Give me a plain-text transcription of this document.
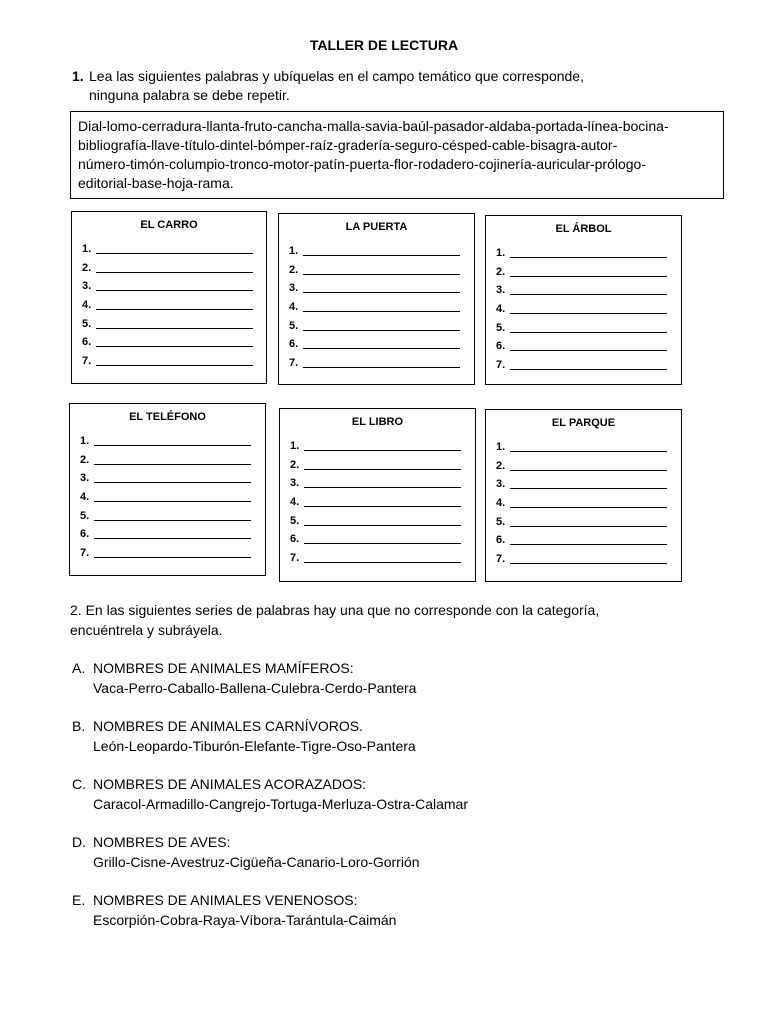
TALLER DE LECTURA
1. Lea las siguientes palabras y ubíquelas en el campo temático que corresponde,
ninguna palabra se debe repetir.
Dial-lomo-cerradura-llanta-fruto-cancha-malla-savia-baúl-pasador-aldaba-portada-línea-bocina-
bibliografía-llave-título-dintel-bómper-raíz-gradería-seguro-césped-cable-bisagra-autor-
número-timón-columpio-tronco-motor-patín-puerta-flor-rodadero-cojinería-auricular-prólogo-
editorial-base-hoja-rama.
EL CARRO
1.
2.
3.
4.
5.
6.
7.
LA PUERTA
1.
2.
3.
4.
5.
6.
7.
EL ÁRBOL
1.
2.
3.
4.
5.
6.
7.
EL TELÉFONO
1.
2.
3.
4.
5.
6.
7.
EL LIBRO
1.
2.
3.
4.
5.
6.
7.
EL PARQUE
1.
2.
3.
4.
5.
6.
7.
2. En las siguientes series de palabras hay una que no corresponde con la categoría,
encuéntrela y subráyela.
A. NOMBRES DE ANIMALES MAMÍFEROS:
Vaca-Perro-Caballo-Ballena-Culebra-Cerdo-Pantera
B. NOMBRES DE ANIMALES CARNÍVOROS.
León-Leopardo-Tiburón-Elefante-Tigre-Oso-Pantera
C. NOMBRES DE ANIMALES ACORAZADOS:
Caracol-Armadillo-Cangrejo-Tortuga-Merluza-Ostra-Calamar
D. NOMBRES DE AVES:
Grillo-Cisne-Avestruz-Cigüeña-Canario-Loro-Gorrión
E. NOMBRES DE ANIMALES VENENOSOS:
Escorpión-Cobra-Raya-Víbora-Tarántula-Caimán
